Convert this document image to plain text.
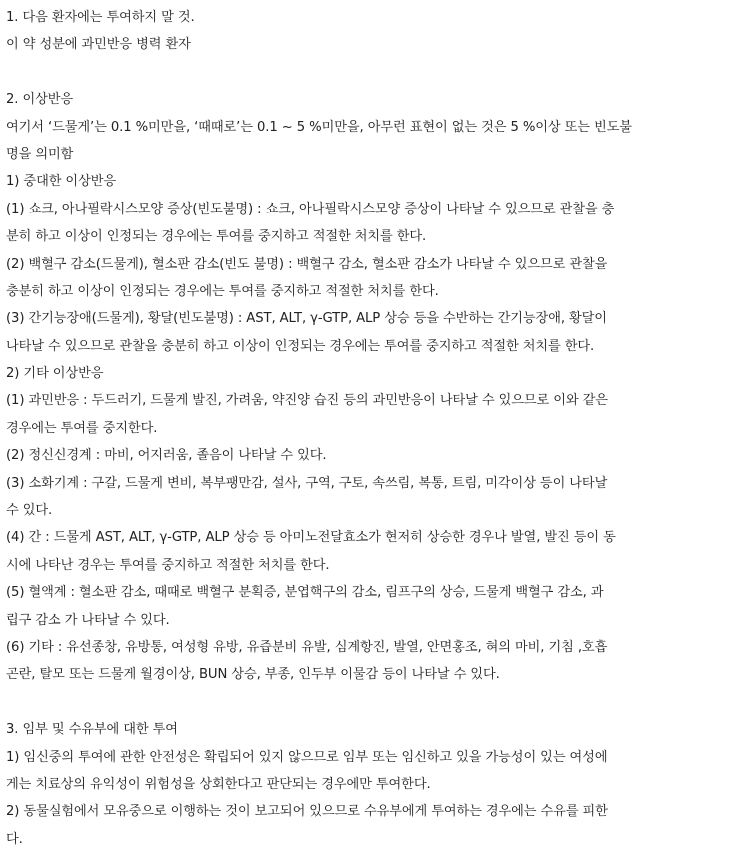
1. 다음 환자에는 투여하지 말 것.
이 약 성분에 과민반응 병력 환자
2. 이상반응
여기서 ‘드물게’는 0.1 %미만을, ‘때때로’는 0.1 ~ 5 %미만을, 아무런 표현이 없는 것은 5 %이상 또는 빈도불
명을 의미함
1) 중대한 이상반응
(1) 쇼크, 아나필락시스모양 증상(빈도불명) : 쇼크, 아나필락시스모양 증상이 나타날 수 있으므로 관찰을 충
분히 하고 이상이 인정되는 경우에는 투여를 중지하고 적절한 처치를 한다.
(2) 백혈구 감소(드물게), 혈소판 감소(빈도 불명) : 백혈구 감소, 혈소판 감소가 나타날 수 있으므로 관찰을
충분히 하고 이상이 인정되는 경우에는 투여를 중지하고 적절한 처치를 한다.
(3) 간기능장애(드물게), 황달(빈도불명) : AST, ALT, γ-GTP, ALP 상승 등을 수반하는 간기능장애, 황달이
나타날 수 있으므로 관찰을 충분히 하고 이상이 인정되는 경우에는 투여를 중지하고 적절한 처치를 한다.
2) 기타 이상반응
(1) 과민반응 : 두드러기, 드물게 발진, 가려움, 약진양 습진 등의 과민반응이 나타날 수 있으므로 이와 같은
경우에는 투여를 중지한다.
(2) 정신신경계 : 마비, 어지러움, 졸음이 나타날 수 있다.
(3) 소화기계 : 구갈, 드물게 변비, 복부팽만감, 설사, 구역, 구토, 속쓰림, 복통, 트림, 미각이상 등이 나타날
수 있다.
(4) 간 : 드물게 AST, ALT, γ-GTP, ALP 상승 등 아미노전달효소가 현저히 상승한 경우나 발열, 발진 등이 동
시에 나타난 경우는 투여를 중지하고 적절한 처치를 한다.
(5) 혈액계 : 혈소판 감소, 때때로 백혈구 분획증, 분엽핵구의 감소, 림프구의 상승, 드물게 백혈구 감소, 과
립구 감소 가 나타날 수 있다.
(6) 기타 : 유선종창, 유방통, 여성형 유방, 유즙분비 유발, 심계항진, 발열, 안면홍조, 혀의 마비, 기침 ,호흡
곤란, 탈모 또는 드물게 월경이상, BUN 상승, 부종, 인두부 이물감 등이 나타날 수 있다.
3. 임부 및 수유부에 대한 투여
1) 임신중의 투여에 관한 안전성은 확립되어 있지 않으므로 임부 또는 임신하고 있을 가능성이 있는 여성에
게는 치료상의 유익성이 위험성을 상회한다고 판단되는 경우에만 투여한다.
2) 동물실험에서 모유중으로 이행하는 것이 보고되어 있으므로 수유부에게 투여하는 경우에는 수유를 피한
다.
